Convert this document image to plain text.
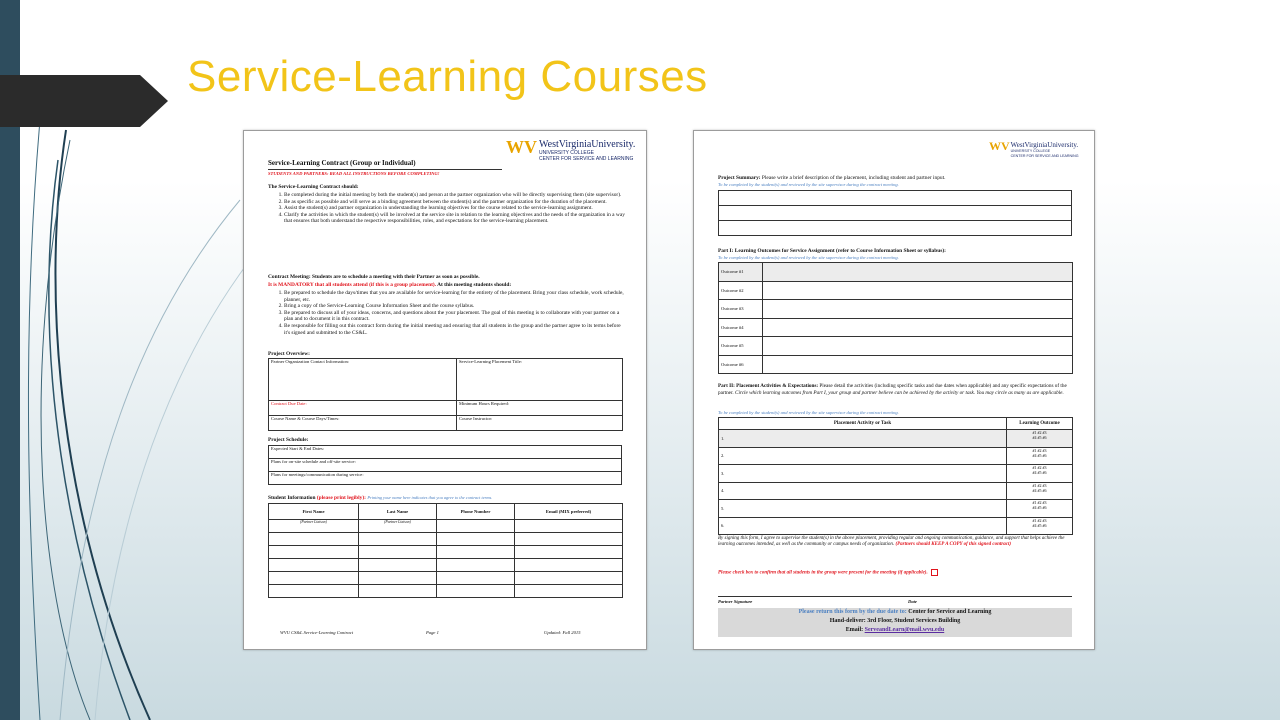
Service-Learning Courses
WV WestVirginiaUniversity.
UNIVERSITY COLLEGE
CENTER FOR SERVICE AND LEARNING
Service-Learning Contract (Group or Individual)
STUDENTS AND PARTNERS: READ ALL INSTRUCTIONS BEFORE COMPLETING!
The Service-Learning Contract should:
1. Be completed during the initial meeting by both the student(s) and person at the partner organization who will be directly supervising them (site supervisor).
2. Be as specific as possible and will serve as a binding agreement between the student(s) and the partner organization for the duration of the placement.
3. Assist the student(s) and partner organization in understanding the learning objectives for the course related to the service-learning assignment.
4. Clarify the activities in which the student(s) will be involved at the service site in relation to the learning objectives and the needs of the organization in a way that ensures that both understand the respective responsibilities, roles, and expectations for the service-learning placement.
Contract Meeting: Students are to schedule a meeting with their Partner as soon as possible.
It is MANDATORY that all students attend (if this is a group placement). At this meeting students should:
1. Be prepared to schedule the days/times that you are available for service-learning for the entirety of the placement. Bring your class schedule, work schedule, planner, etc.
2. Bring a copy of the Service-Learning Course Information Sheet and the course syllabus.
3. Be prepared to discuss all of your ideas, concerns, and questions about the your placement. The goal of this meeting is to collaborate with your partner on a plan and to document it in this contract.
4. Be responsible for filling out this contract form during the initial meeting and ensuring that all students in the group and the partner agree to its terms before it's signed and submitted to the CS&L.
Project Overview:
Partner Organization Contact Information:	Service-Learning Placement Title:
Contract Due Date:	Minimum Hours Required:
Course Name & Course Days/Times:	Course Instructor:
Project Schedule:
Expected Start & End Dates:
Plans for on-site schedule and off-site service:
Plans for meetings/communication during service:
Student Information (please print legibly): Printing your name here indicates that you agree to the contract terms.
First Name	Last Name	Phone Number	Email (MIX preferred)
(Partner Liaison)	(Partner Liaison)		

WVU CS&L Service-Learning Contract	Page 1	Updated: Fall 2015
WV WestVirginiaUniversity.
UNIVERSITY COLLEGE
CENTER FOR SERVICE AND LEARNING
Project Summary: Please write a brief description of the placement, including student and partner input.
To be completed by the student(s) and reviewed by the site supervisor during the contract meeting.

Part I: Learning Outcomes for Service Assignment (refer to Course Information Sheet or syllabus):
To be completed by the student(s) and reviewed by the site supervisor during the contract meeting.
Outcome #1	
Outcome #2	
Outcome #3	
Outcome #4	
Outcome #5	
Outcome #6	
Part II: Placement Activities & Expectations: Please detail the activities (including specific tasks and due dates when applicable) and any specific expectations of the partner. Circle which learning outcomes from Part I, your group and partner believe can be achieved by the activity or task. You may circle as many as are applicable.
To be completed by the student(s) and reviewed by the site supervisor during the contract meeting.
Placement Activity or Task	Learning Outcome
1.	#1 #2 #3
#4 #5 #6

2.	#1 #2 #3
#4 #5 #6

3.	#1 #2 #3
#4 #5 #6

4.	#1 #2 #3
#4 #5 #6

5.	#1 #2 #3
#4 #5 #6

6.	#1 #2 #3
#4 #5 #6
By signing this form, I agree to supervise the student(s) in the above placement, providing regular and ongoing communication, guidance, and support that helps achieve the learning outcomes intended, as well as the community or campus needs of organization. (Partners should KEEP A COPY of this signed contract)
Please check box to confirm that all students in the group were present for the meeting (if applicable).
Partner Signature	Date
Please return this form by the due date to: Center for Service and Learning
Hand-deliver: 3rd Floor, Student Services Building
Email: ServeandLearn@mail.wvu.edu
